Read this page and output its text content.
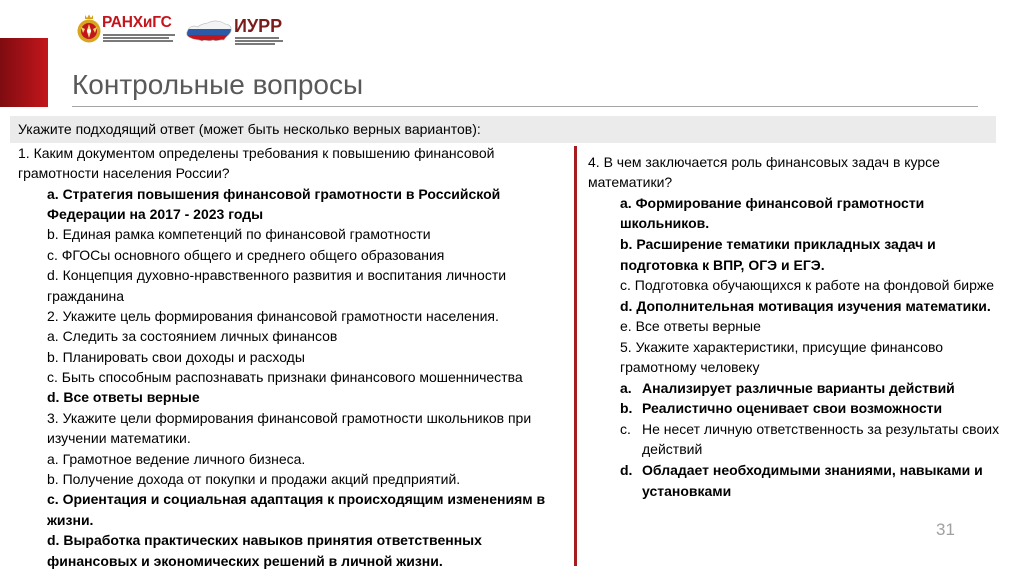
РАНХиГС	ИУРР
Контрольные вопросы
Укажите подходящий ответ (может быть несколько верных вариантов):
1. Каким документом определены требования к повышению финансовой
грамотности населения России?
a. Стратегия повышения финансовой грамотности в Российской
Федерации на 2017 - 2023 годы
b. Единая рамка компетенций по финансовой грамотности
c. ФГОСы основного общего и среднего общего образования
d. Концепция духовно-нравственного развития и воспитания личности
гражданина
2. Укажите цель формирования финансовой грамотности населения.
a. Следить за состоянием личных финансов
b. Планировать свои доходы и расходы
c. Быть способным распознавать признаки финансового мошенничества
d. Все ответы верные
3. Укажите цели формирования финансовой грамотности школьников при
изучении математики.
a. Грамотное ведение личного бизнеса.
b. Получение дохода от покупки и продажи акций предприятий.
c. Ориентация и социальная адаптация к происходящим изменениям в
жизни.
d. Выработка практических навыков принятия ответственных
финансовых и экономических решений в личной жизни.
4. В чем заключается роль финансовых задач в курсе
математики?
a. Формирование финансовой грамотности
школьников.
b. Расширение тематики прикладных задач и
подготовка к ВПР, ОГЭ и ЕГЭ.
c. Подготовка обучающихся к работе на фондовой бирже
d. Дополнительная мотивация изучения математики.
e. Все ответы верные
5. Укажите характеристики, присущие финансово
грамотному человеку
a. Анализирует различные варианты действий
b. Реалистично оценивает свои возможности
c. Не несет личную ответственность за результаты своих
действий
d. Обладает необходимыми знаниями, навыками и
установками
31
